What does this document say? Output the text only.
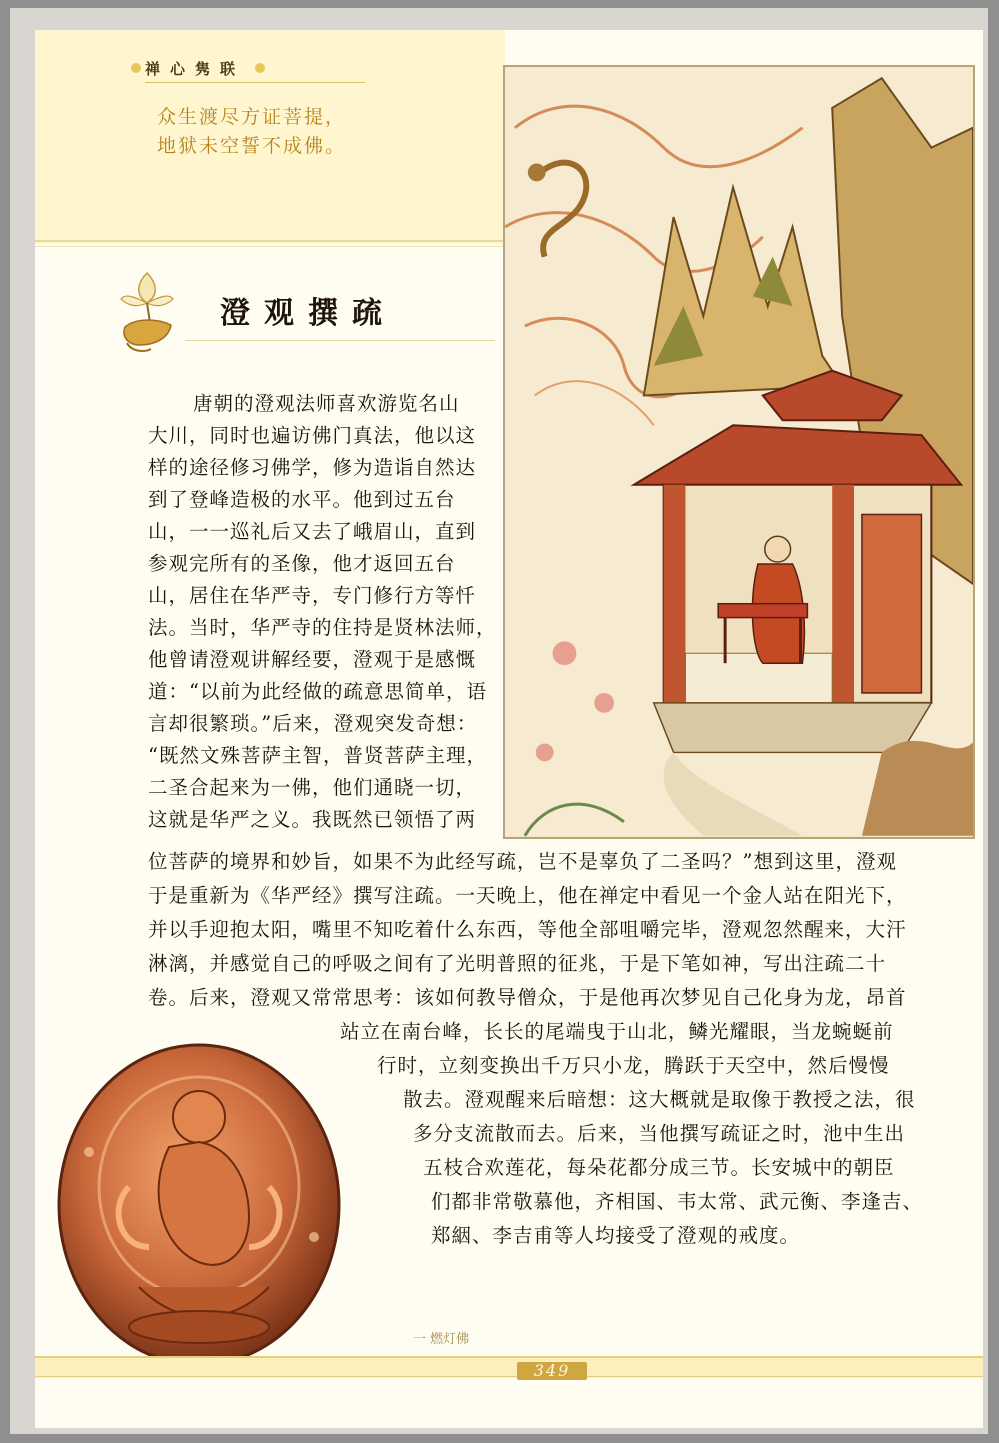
禅心隽联
众生渡尽方证菩提，
地狱未空誓不成佛。
澄观撰疏
唐朝的澄观法师喜欢游览名山
大川，同时也遍访佛门真法，他以这
样的途径修习佛学，修为造诣自然达
到了登峰造极的水平。他到过五台
山，一一巡礼后又去了峨眉山，直到
参观完所有的圣像，他才返回五台
山，居住在华严寺，专门修行方等忏
法。当时，华严寺的住持是贤林法师，
他曾请澄观讲解经要，澄观于是感慨
道：“以前为此经做的疏意思简单，语
言却很繁琐。”后来，澄观突发奇想：
“既然文殊菩萨主智，普贤菩萨主理，
二圣合起来为一佛，他们通晓一切，
这就是华严之义。我既然已领悟了两
位菩萨的境界和妙旨，如果不为此经写疏，岂不是辜负了二圣吗？”想到这里，澄观
于是重新为《华严经》撰写注疏。一天晚上，他在禅定中看见一个金人站在阳光下，
并以手迎抱太阳，嘴里不知吃着什么东西，等他全部咀嚼完毕，澄观忽然醒来，大汗
淋漓，并感觉自己的呼吸之间有了光明普照的征兆，于是下笔如神，写出注疏二十
卷。后来，澄观又常常思考：该如何教导僧众，于是他再次梦见自己化身为龙，昂首
站立在南台峰，长长的尾端曳于山北，鳞光耀眼，当龙蜿蜒前
行时，立刻变换出千万只小龙，腾跃于天空中，然后慢慢
散去。澄观醒来后暗想：这大概就是取像于教授之法，很
多分支流散而去。后来，当他撰写疏证之时，池中生出
五枝合欢莲花，每朵花都分成三节。长安城中的朝臣
们都非常敬慕他，齐相国、韦太常、武元衡、李逢吉、
郑絪、李吉甫等人均接受了澄观的戒度。
一 燃灯佛
349
